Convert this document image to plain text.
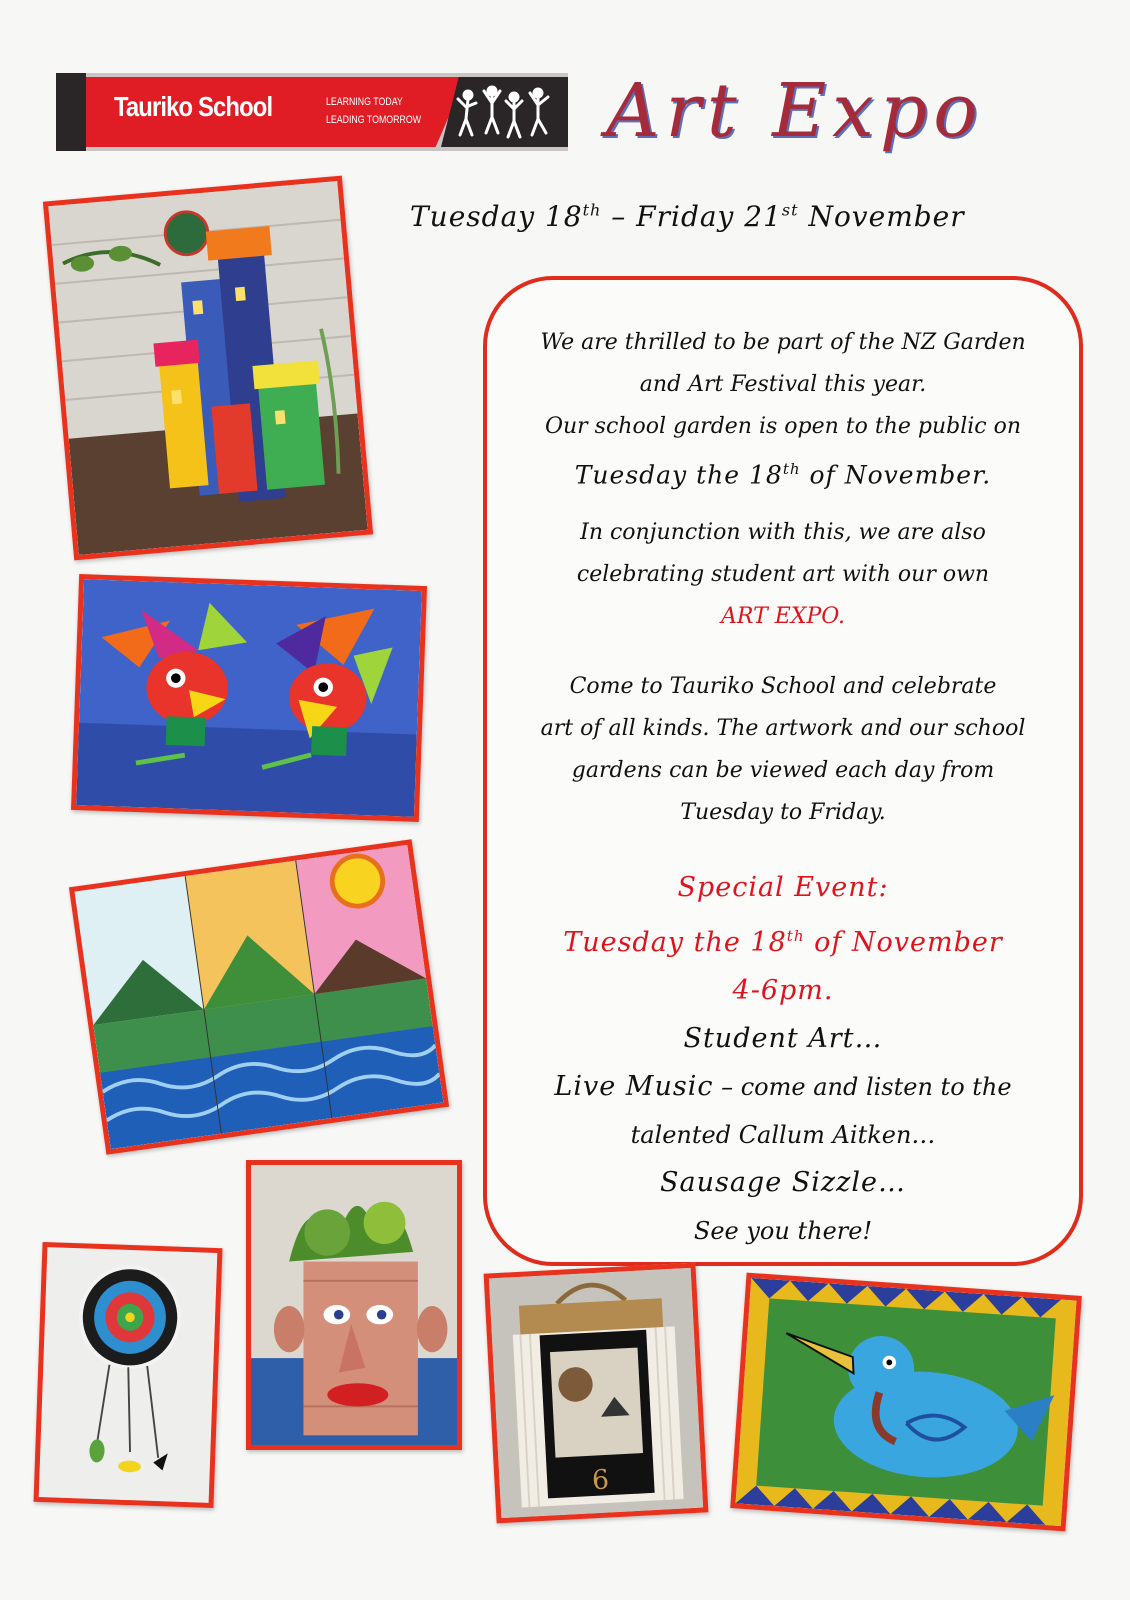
Tauriko School	LEARNING TODAY
LEADING TOMORROW Art Expo
Tuesday 18th – Friday 21st November

We are thrilled to be part of the NZ Garden

and Art Festival this year.

Our school garden is open to the public on

Tuesday the 18th of November.

In conjunction with this, we are also

celebrating student art with our own

ART EXPO.

Come to Tauriko School and celebrate

art of all kinds. The artwork and our school

gardens can be viewed each day from

Tuesday to Friday.

Special Event:

Tuesday the 18th of November

4-6pm.

Student Art…

Live Music – come and listen to the

talented Callum Aitken…

Sausage Sizzle…

See you there!

6
